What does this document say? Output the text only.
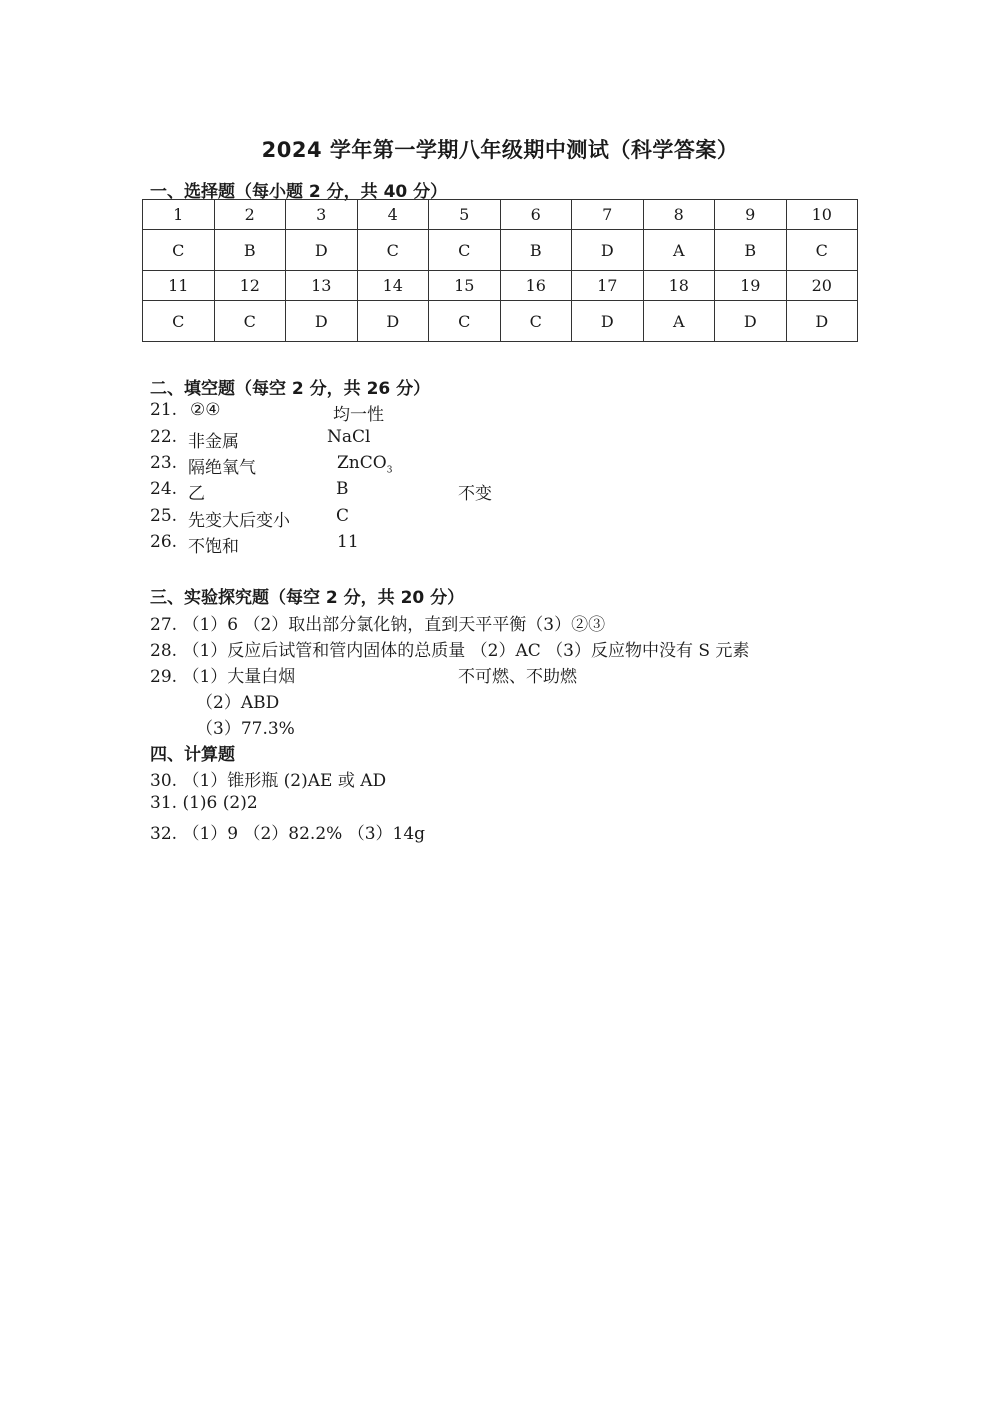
2024 学年第一学期八年级期中测试（科学答案）
一、选择题（每小题 2 分，共 40 分）
1	2	3	4	5	6	7	8	9	10
C	B	D	C	C	B	D	A	B	C
11	12	13	14	15	16	17	18	19	20
C	C	D	D	C	C	D	A	D	D
二、填空题（每空 2 分，共 26 分）
21. ②④	均一性
22. 非金属	NaCl
23. 隔绝氧气	ZnCO$_3$
24. 乙	B	不变
25. 先变大后变小	C
26. 不饱和	11
三、实验探究题（每空 2 分，共 20 分）
27. （1）6 （2）取出部分氯化钠，直到天平平衡（3）②③
28. （1）反应后试管和管内固体的总质量 （2）AC （3）反应物中没有 S 元素
29. （1）大量白烟	不可燃、不助燃
（2）ABD
（3）77.3%
四、计算题
30. （1）锥形瓶 (2)AE 或 AD
31. (1)6 (2)2
32. （1）9 （2）82.2% （3）14g
